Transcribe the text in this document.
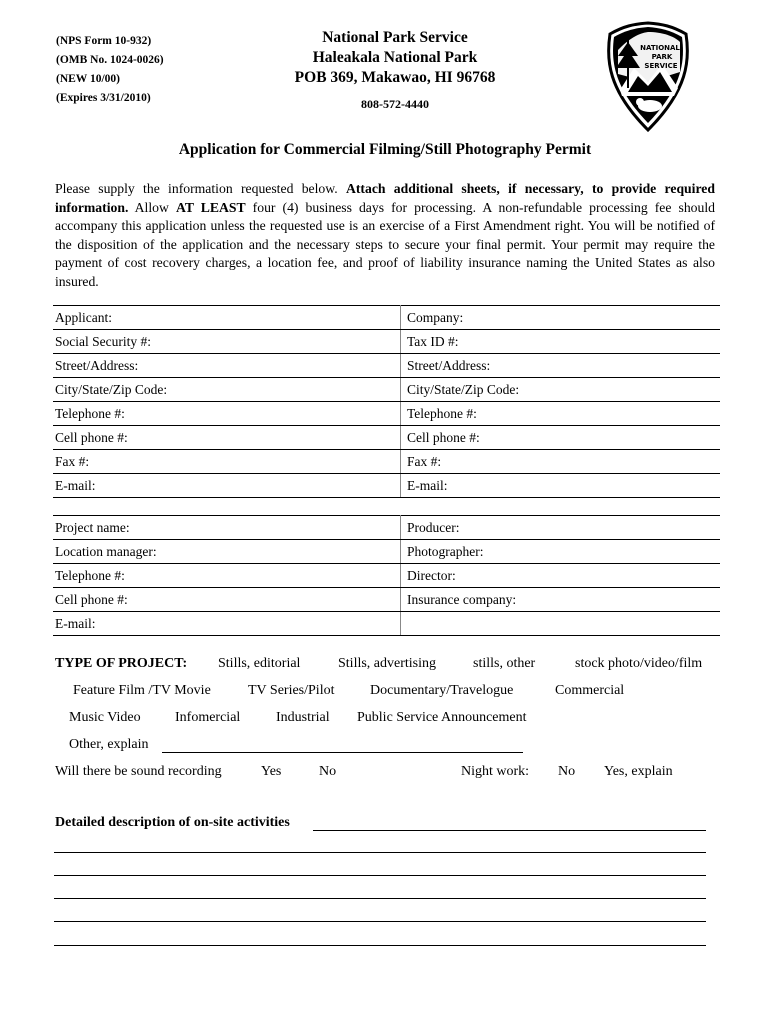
(NPS Form 10-932)
(OMB No. 1024-0026)
(NEW 10/00)
(Expires 3/31/2010)
National Park Service
Haleakala National Park
POB 369, Makawao, HI 96768
808-572-4440
NATIONAL
PARK
SERVICE
Application for Commercial Filming/Still Photography Permit
Please supply the information requested below. Attach additional sheets, if necessary, to provide required information. Allow AT LEAST four (4) business days for processing. A non-refundable processing fee should accompany this application unless the requested use is an exercise of a First Amendment right. You will be notified of the disposition of the application and the necessary steps to secure your final permit. Your permit may require the payment of cost recovery charges, a location fee, and proof of liability insurance naming the United States as also insured.
Applicant:	Company:
Social Security #:	Tax ID #:
Street/Address:	Street/Address:
City/State/Zip Code:	City/State/Zip Code:
Telephone #:	Telephone #:
Cell phone #:	Cell phone #:
Fax #:	Fax #:
E-mail:	E-mail:
Project name:	Producer:
Location manager:	Photographer:
Telephone #:	Director:
Cell phone #:	Insurance company:
E-mail:	
TYPE OF PROJECT: Stills, editorial	Stills, advertising	stills, other	stock photo/video/film
Feature Film /TV Movie	TV Series/Pilot	Documentary/Travelogue	Commercial
Music Video Infomercial	Industrial Public Service Announcement
Other, explain
Will there be sound recording	Yes	No	Night work: No Yes, explain
Detailed description of on-site activities
